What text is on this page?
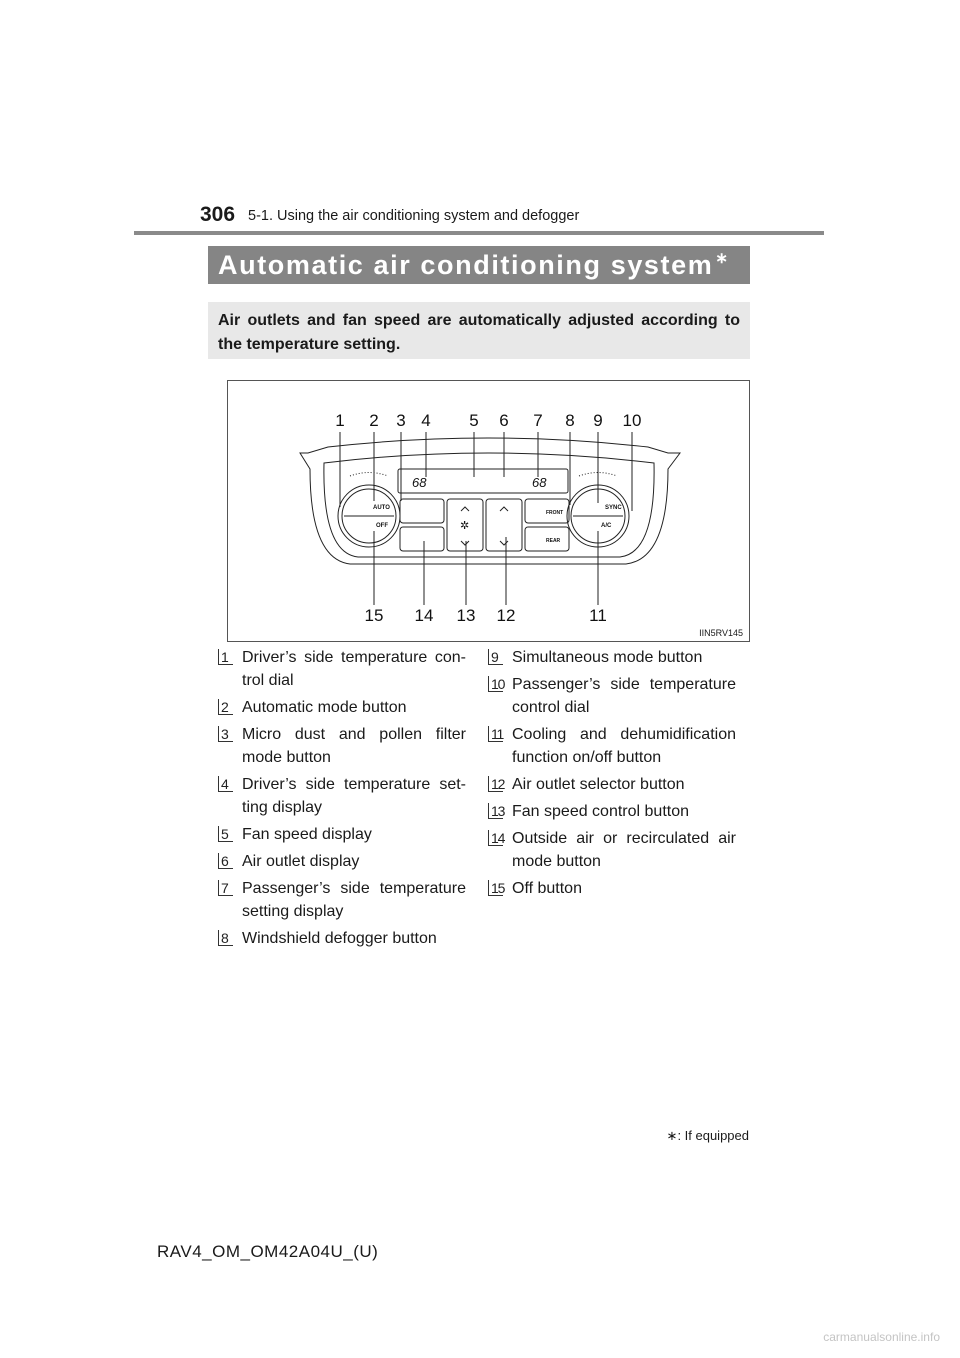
306 5-1. Using the air conditioning system and defogger
Automatic air conditioning system ∗
Air outlets and fan speed are automatically adjusted according to the temperature setting.
68	68
AUTO
OFF
SYNC
A/C
FRONT
REAR
✲
1 2 3 4 5 6 7 8 9 10
15 14 13 12	11
IIN5RV145
1 Driver’s side temperature con-trol dial
2 Automatic mode button
3 Micro dust and pollen filter mode button
4 Driver’s side temperature set-ting display
5 Fan speed display
6 Air outlet display
7 Passenger’s side temperature setting display
8 Windshield defogger button
9 Simultaneous mode button
10 Passenger’s side temperature control dial
11 Cooling and dehumidification function on/off button
12 Air outlet selector button
13 Fan speed control button
14 Outside air or recirculated air mode button
15 Off button
∗: If equipped
RAV4_OM_OM42A04U_(U)
carmanualsonline.info
